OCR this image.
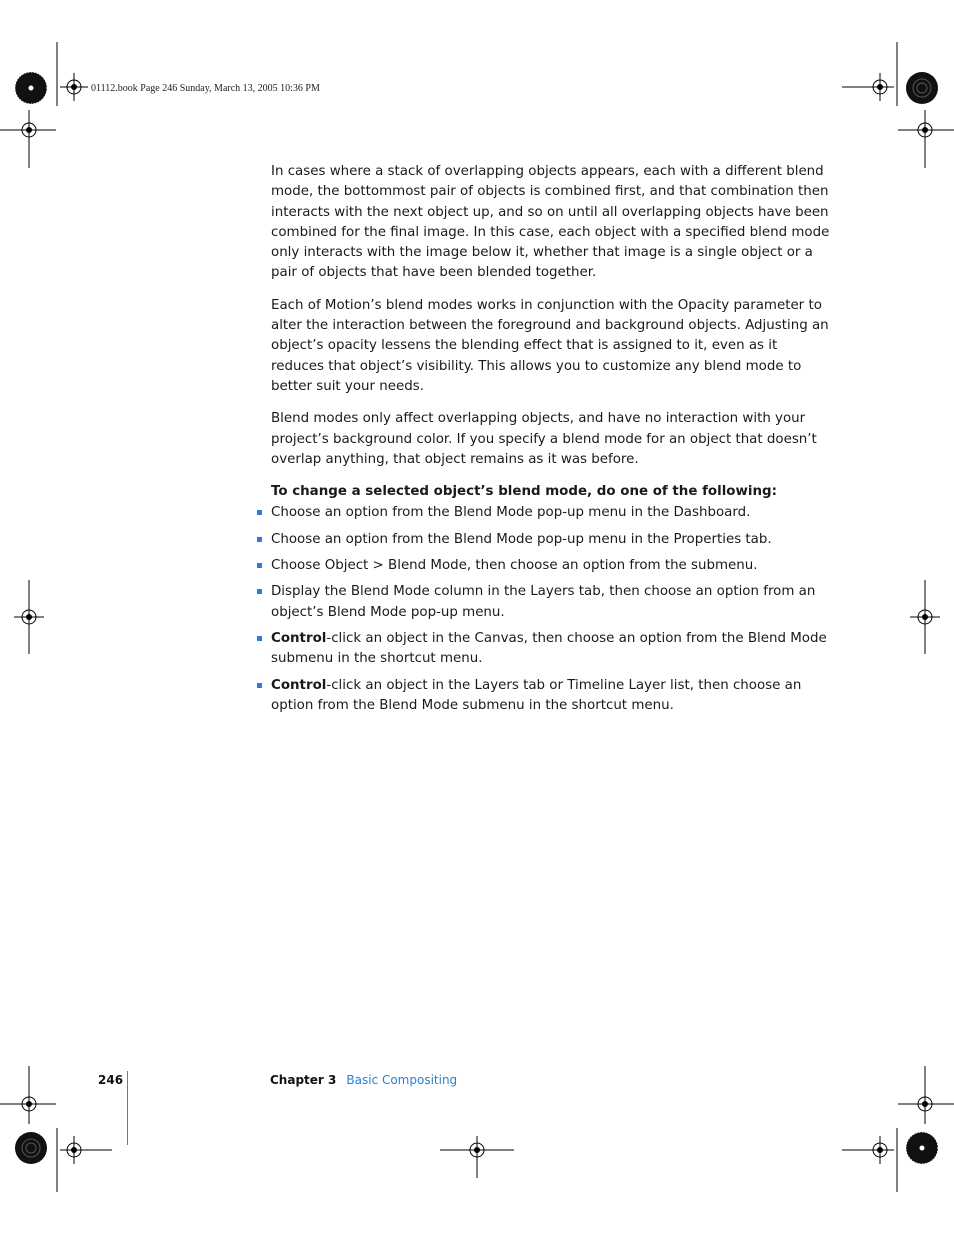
01112.book Page 246 Sunday, March 13, 2005 10:36 PM

In cases where a stack of overlapping objects appears, each with a different blend mode, the bottommost pair of objects is combined first, and that combination then interacts with the next object up, and so on until all overlapping objects have been combined for the final image. In this case, each object with a specified blend mode only interacts with the image below it, whether that image is a single object or a pair of objects that have been blended together.

Each of Motion’s blend modes works in conjunction with the Opacity parameter to alter the interaction between the foreground and background objects. Adjusting an object’s opacity lessens the blending effect that is assigned to it, even as it reduces that object’s visibility. This allows you to customize any blend mode to better suit your needs.

Blend modes only affect overlapping objects, and have no interaction with your project’s background color. If you specify a blend mode for an object that doesn’t overlap anything, that object remains as it was before.

To change a selected object’s blend mode, do one of the following:
Choose an option from the Blend Mode pop-up menu in the Dashboard.
Choose an option from the Blend Mode pop-up menu in the Properties tab.
Choose Object > Blend Mode, then choose an option from the submenu.
Display the Blend Mode column in the Layers tab, then choose an option from an object’s Blend Mode pop-up menu.
Control-click an object in the Canvas, then choose an option from the Blend Mode submenu in the shortcut menu.
Control-click an object in the Layers tab or Timeline Layer list, then choose an option from the Blend Mode submenu in the shortcut menu.
246	Chapter 3 Basic Compositing
